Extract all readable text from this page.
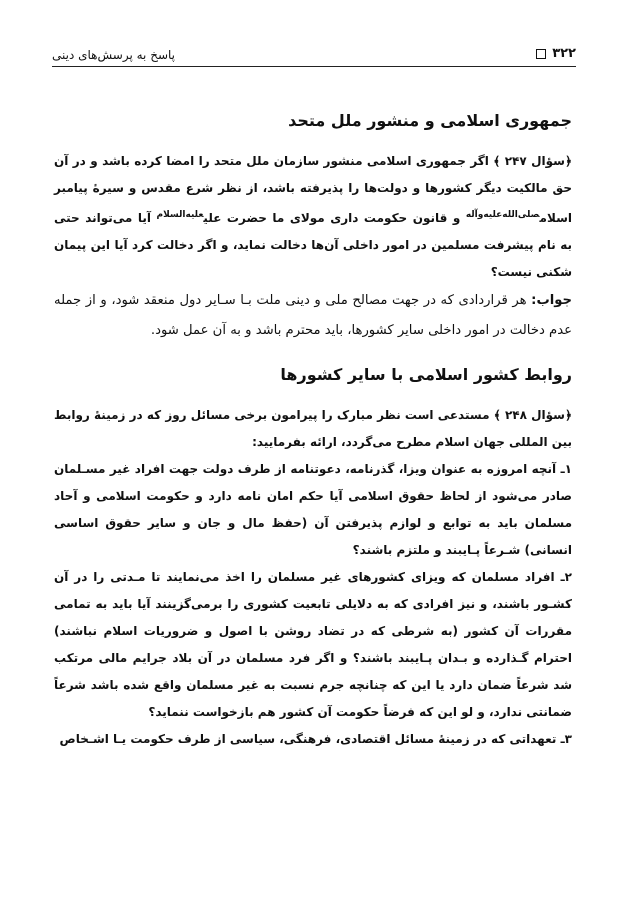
۳۲۲
پاسخ به پرسش‌های دینی
جمهوری اسلامی و منشور ملل متحد

﴿سؤال ۲۴۷ ﴾ اگر جمهوری اسلامی منشور سازمان ملل متحد را امضا کرده باشد و در آن حق مالکیت دیگر کشورها و دولت‌ها را پذیرفته باشد، از نظر شرع مقدس و سیرهٔ پیامبر اسلام$^{صلی‌الله‌علیه‌وآله}$ و قانون حکومت داری مولای ما حضرت علی$^{علیه‌السلام}$ آیا می‌تواند حتی به نام پیشرفت مسلمین در امور داخلی آن‌ها دخالت نماید، و اگر دخالت کرد آیا این پیمان شکنی نیست؟

جواب: هر قراردادی که در جهت مصالح ملی و دینی ملت بـا سـایر دول منعقد شود، و از جمله عدم دخالت در امور داخلی سایر کشورها، باید محترم باشد و به آن عمل شود.

روابط کشور اسلامی با سایر کشورها

﴿سؤال ۲۴۸ ﴾ مستدعی است نظر مبارک را پیرامون برخی مسائل روز که در زمینهٔ روابط بین المللی جهان اسلام مطرح می‌گردد، ارائه بفرمایید:

۱ـ آنچه امروزه به عنوان ویزا، گذرنامه، دعوتنامه از طرف دولت جهت افراد غیر مسـلمان صادر می‌شود از لحاظ حقوق اسلامی آیا حکم امان نامه دارد و حکومت اسلامی و آحاد مسلمان باید به توابع و لوازم پذیرفتن آن (حفظ مال و جان و سایر حقوق اساسی انسانی) شـرعاً پـایبند و ملتزم باشند؟

۲ـ افراد مسلمان که ویزای کشورهای غیر مسلمان را اخذ می‌نمایند تا مـدتی را در آن کشـور باشند، و نیز افرادی که به دلایلی تابعیت کشوری را برمی‌گزینند آیا باید به تمامی مقررات آن کشور (به شرطی که در تضاد روشن با اصول و ضروریات اسلام نباشند) احترام گـذارده و بـدان پـایبند باشند؟ و اگر فرد مسلمان در آن بلاد جرایم مالی مرتکب شد شرعاً ضمان دارد یا این که چنانچه جرم نسبت به غیر مسلمان واقع شده باشد شرعاً ضمانتی ندارد، و لو این که فرضاً حکومت آن کشور هم بازخواست ننماید؟

۳ـ تعهداتی که در زمینهٔ مسائل اقتصادی، فرهنگی، سیاسی از طرف حکومت یـا اشـخاص
